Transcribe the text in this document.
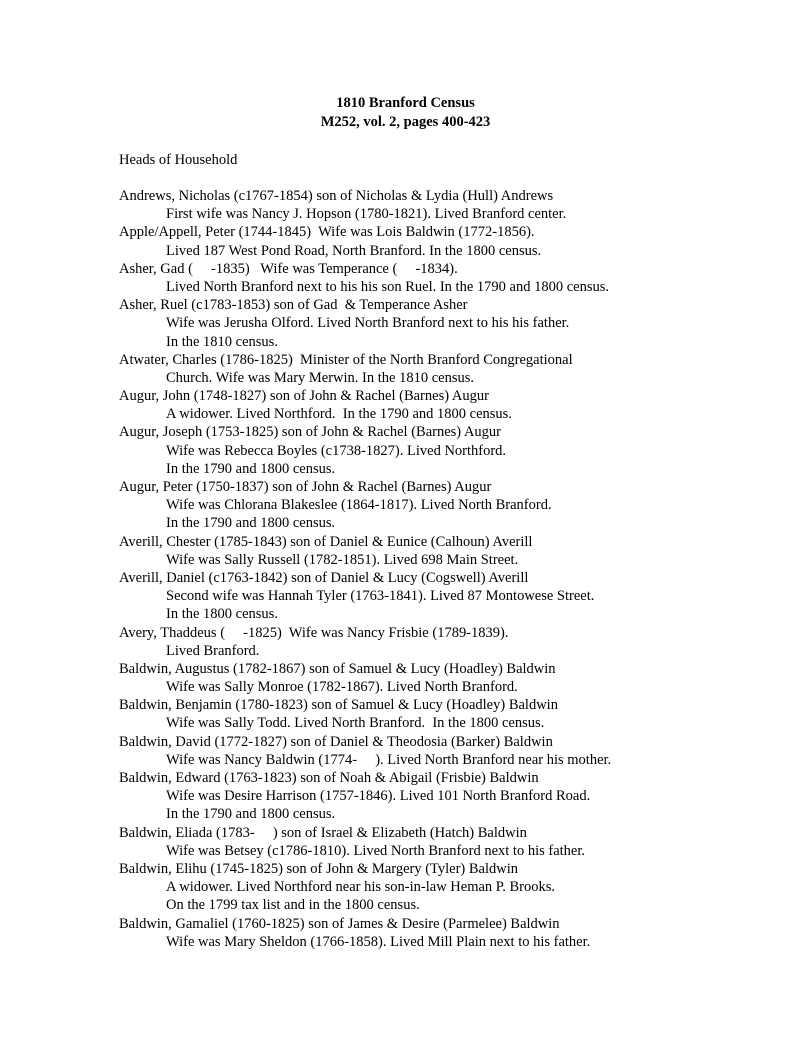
1810 Branford Census
M252, vol. 2, pages 400-423
Heads of Household
Andrews, Nicholas (c1767-1854) son of Nicholas & Lydia (Hull) Andrews
First wife was Nancy J. Hopson (1780-1821). Lived Branford center.
Apple/Appell, Peter (1744-1845)  Wife was Lois Baldwin (1772-1856).
Lived 187 West Pond Road, North Branford. In the 1800 census.
Asher, Gad (     -1835)   Wife was Temperance (     -1834).
Lived North Branford next to his his son Ruel. In the 1790 and 1800 census.
Asher, Ruel (c1783-1853) son of Gad  & Temperance Asher
Wife was Jerusha Olford. Lived North Branford next to his his father.
In the 1810 census.
Atwater, Charles (1786-1825)  Minister of the North Branford Congregational
Church. Wife was Mary Merwin. In the 1810 census.
Augur, John (1748-1827) son of John & Rachel (Barnes) Augur
A widower. Lived Northford.  In the 1790 and 1800 census.
Augur, Joseph (1753-1825) son of John & Rachel (Barnes) Augur
Wife was Rebecca Boyles (c1738-1827). Lived Northford.
In the 1790 and 1800 census.
Augur, Peter (1750-1837) son of John & Rachel (Barnes) Augur
Wife was Chlorana Blakeslee (1864-1817). Lived North Branford.
In the 1790 and 1800 census.
Averill, Chester (1785-1843) son of Daniel & Eunice (Calhoun) Averill
Wife was Sally Russell (1782-1851). Lived 698 Main Street.
Averill, Daniel (c1763-1842) son of Daniel & Lucy (Cogswell) Averill
Second wife was Hannah Tyler (1763-1841). Lived 87 Montowese Street.
In the 1800 census.
Avery, Thaddeus (     -1825)  Wife was Nancy Frisbie (1789-1839).
Lived Branford.
Baldwin, Augustus (1782-1867) son of Samuel & Lucy (Hoadley) Baldwin
Wife was Sally Monroe (1782-1867). Lived North Branford.
Baldwin, Benjamin (1780-1823) son of Samuel & Lucy (Hoadley) Baldwin
Wife was Sally Todd. Lived North Branford.  In the 1800 census.
Baldwin, David (1772-1827) son of Daniel & Theodosia (Barker) Baldwin
Wife was Nancy Baldwin (1774-     ). Lived North Branford near his mother.
Baldwin, Edward (1763-1823) son of Noah & Abigail (Frisbie) Baldwin
Wife was Desire Harrison (1757-1846). Lived 101 North Branford Road.
In the 1790 and 1800 census.
Baldwin, Eliada (1783-     ) son of Israel & Elizabeth (Hatch) Baldwin
Wife was Betsey (c1786-1810). Lived North Branford next to his father.
Baldwin, Elihu (1745-1825) son of John & Margery (Tyler) Baldwin
A widower. Lived Northford near his son-in-law Heman P. Brooks.
On the 1799 tax list and in the 1800 census.
Baldwin, Gamaliel (1760-1825) son of James & Desire (Parmelee) Baldwin
Wife was Mary Sheldon (1766-1858). Lived Mill Plain next to his father.
